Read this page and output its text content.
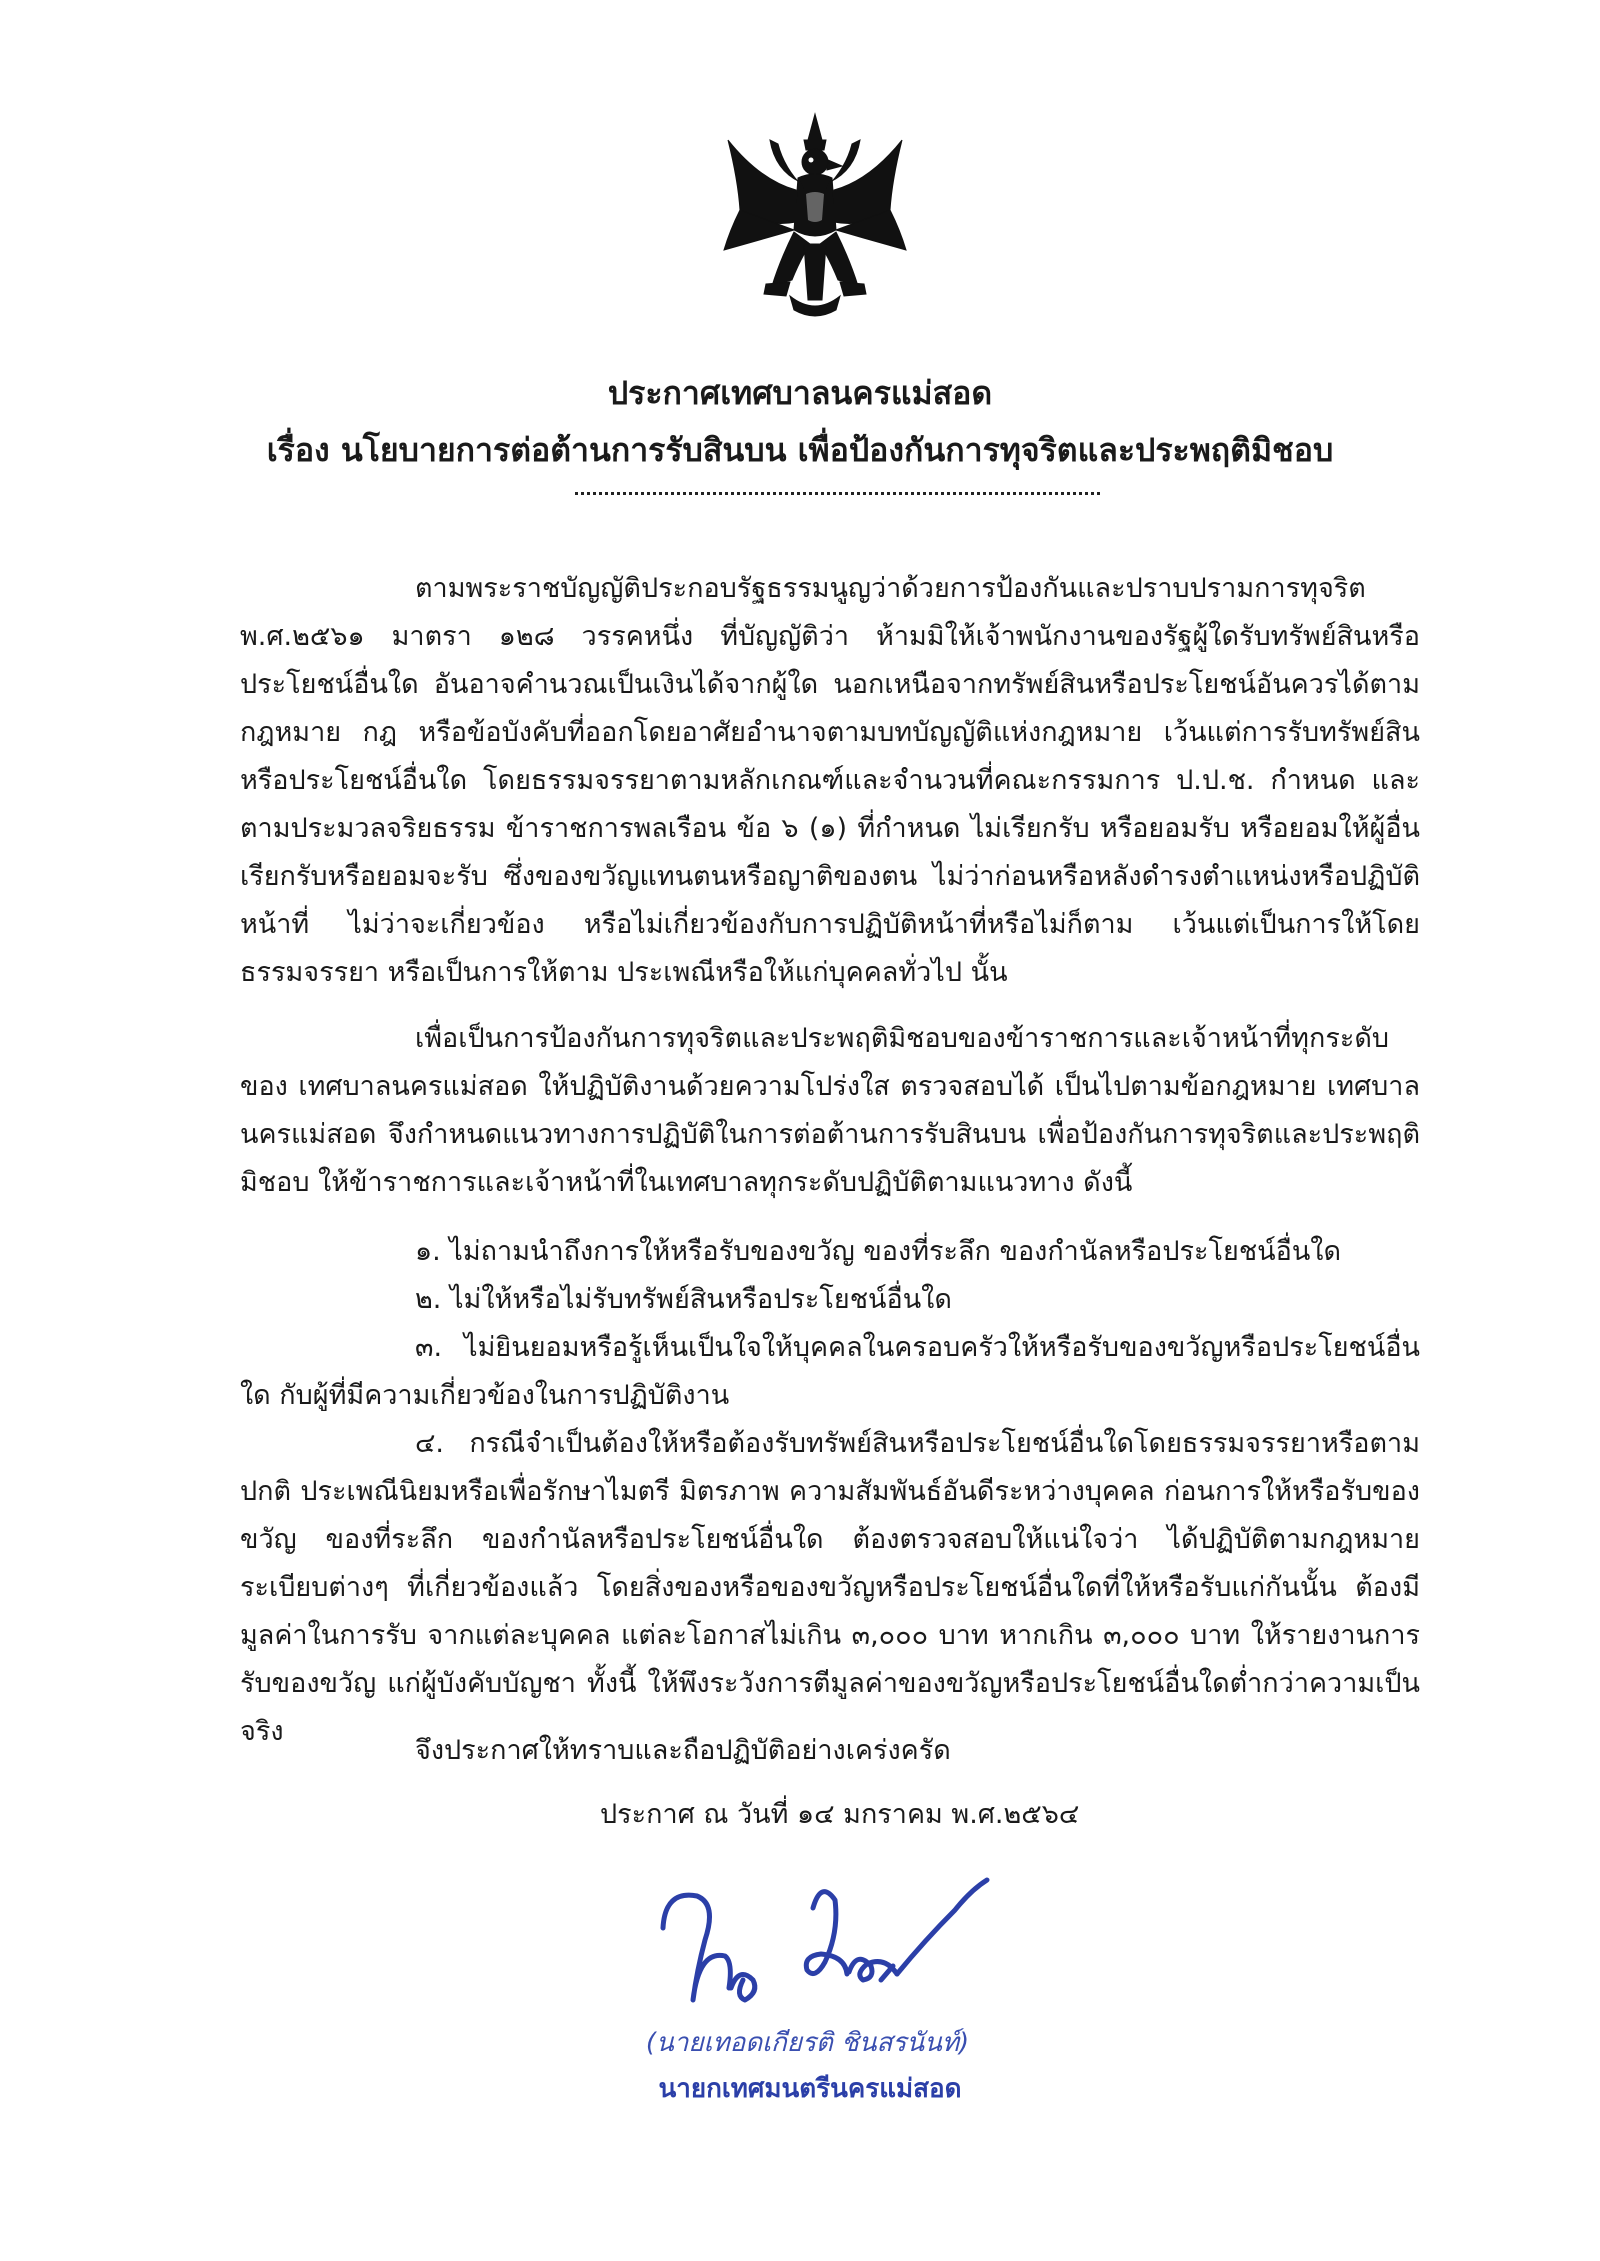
ประกาศเทศบาลนครแม่สอด
เรื่อง นโยบายการต่อต้านการรับสินบน เพื่อป้องกันการทุจริตและประพฤติมิชอบ

ตามพระราชบัญญัติประกอบรัฐธรรมนูญว่าด้วยการป้องกันและปราบปรามการทุจริต พ.ศ.๒๕๖๑ มาตรา ๑๒๘ วรรคหนึ่ง ที่บัญญัติว่า ห้ามมิให้เจ้าพนักงานของรัฐผู้ใดรับทรัพย์สินหรือประโยชน์อื่นใด อันอาจคำนวณเป็นเงินได้จากผู้ใด นอกเหนือจากทรัพย์สินหรือประโยชน์อันควรได้ตามกฎหมาย กฎ หรือข้อบังคับที่ออกโดยอาศัยอำนาจตามบทบัญญัติแห่งกฎหมาย เว้นแต่การรับทรัพย์สินหรือประโยชน์อื่นใด โดยธรรมจรรยาตามหลักเกณฑ์และจำนวนที่คณะกรรมการ ป.ป.ช. กำหนด และตามประมวลจริยธรรม ข้าราชการพลเรือน ข้อ ๖ (๑) ที่กำหนด ไม่เรียกรับ หรือยอมรับ หรือยอมให้ผู้อื่นเรียกรับหรือยอมจะรับ ซึ่งของขวัญแทนตนหรือญาติของตน ไม่ว่าก่อนหรือหลังดำรงตำแหน่งหรือปฏิบัติหน้าที่ ไม่ว่าจะเกี่ยวข้อง หรือไม่เกี่ยวข้องกับการปฏิบัติหน้าที่หรือไม่ก็ตาม เว้นแต่เป็นการให้โดยธรรมจรรยา หรือเป็นการให้ตาม ประเพณีหรือให้แก่บุคคลทั่วไป นั้น

เพื่อเป็นการป้องกันการทุจริตและประพฤติมิชอบของข้าราชการและเจ้าหน้าที่ทุกระดับของ เทศบาลนครแม่สอด ให้ปฏิบัติงานด้วยความโปร่งใส ตรวจสอบได้ เป็นไปตามข้อกฎหมาย เทศบาลนครแม่สอด จึงกำหนดแนวทางการปฏิบัติในการต่อต้านการรับสินบน เพื่อป้องกันการทุจริตและประพฤติมิชอบ ให้ข้าราชการและเจ้าหน้าที่ในเทศบาลทุกระดับปฏิบัติตามแนวทาง ดังนี้

๑. ไม่ถามนำถึงการให้หรือรับของขวัญ ของที่ระลึก ของกำนัลหรือประโยชน์อื่นใด

๒. ไม่ให้หรือไม่รับทรัพย์สินหรือประโยชน์อื่นใด

๓. ไม่ยินยอมหรือรู้เห็นเป็นใจให้บุคคลในครอบครัวให้หรือรับของขวัญหรือประโยชน์อื่นใด กับผู้ที่มีความเกี่ยวข้องในการปฏิบัติงาน

๔. กรณีจำเป็นต้องให้หรือต้องรับทรัพย์สินหรือประโยชน์อื่นใดโดยธรรมจรรยาหรือตามปกติ ประเพณีนิยมหรือเพื่อรักษาไมตรี มิตรภาพ ความสัมพันธ์อันดีระหว่างบุคคล ก่อนการให้หรือรับของขวัญ ของที่ระลึก ของกำนัลหรือประโยชน์อื่นใด ต้องตรวจสอบให้แน่ใจว่า ได้ปฏิบัติตามกฎหมาย ระเบียบต่างๆ ที่เกี่ยวข้องแล้ว โดยสิ่งของหรือของขวัญหรือประโยชน์อื่นใดที่ให้หรือรับแก่กันนั้น ต้องมีมูลค่าในการรับ จากแต่ละบุคคล แต่ละโอกาสไม่เกิน ๓,๐๐๐ บาท หากเกิน ๓,๐๐๐ บาท ให้รายงานการรับของขวัญ แก่ผู้บังคับบัญชา ทั้งนี้ ให้พึงระวังการตีมูลค่าของขวัญหรือประโยชน์อื่นใดต่ำกว่าความเป็นจริง

จึงประกาศให้ทราบและถือปฏิบัติอย่างเคร่งครัด
ประกาศ ณ วันที่ ๑๔ มกราคม พ.ศ.๒๕๖๔
(นายเทอดเกียรติ ชินสรนันท์)
นายกเทศมนตรีนครแม่สอด
